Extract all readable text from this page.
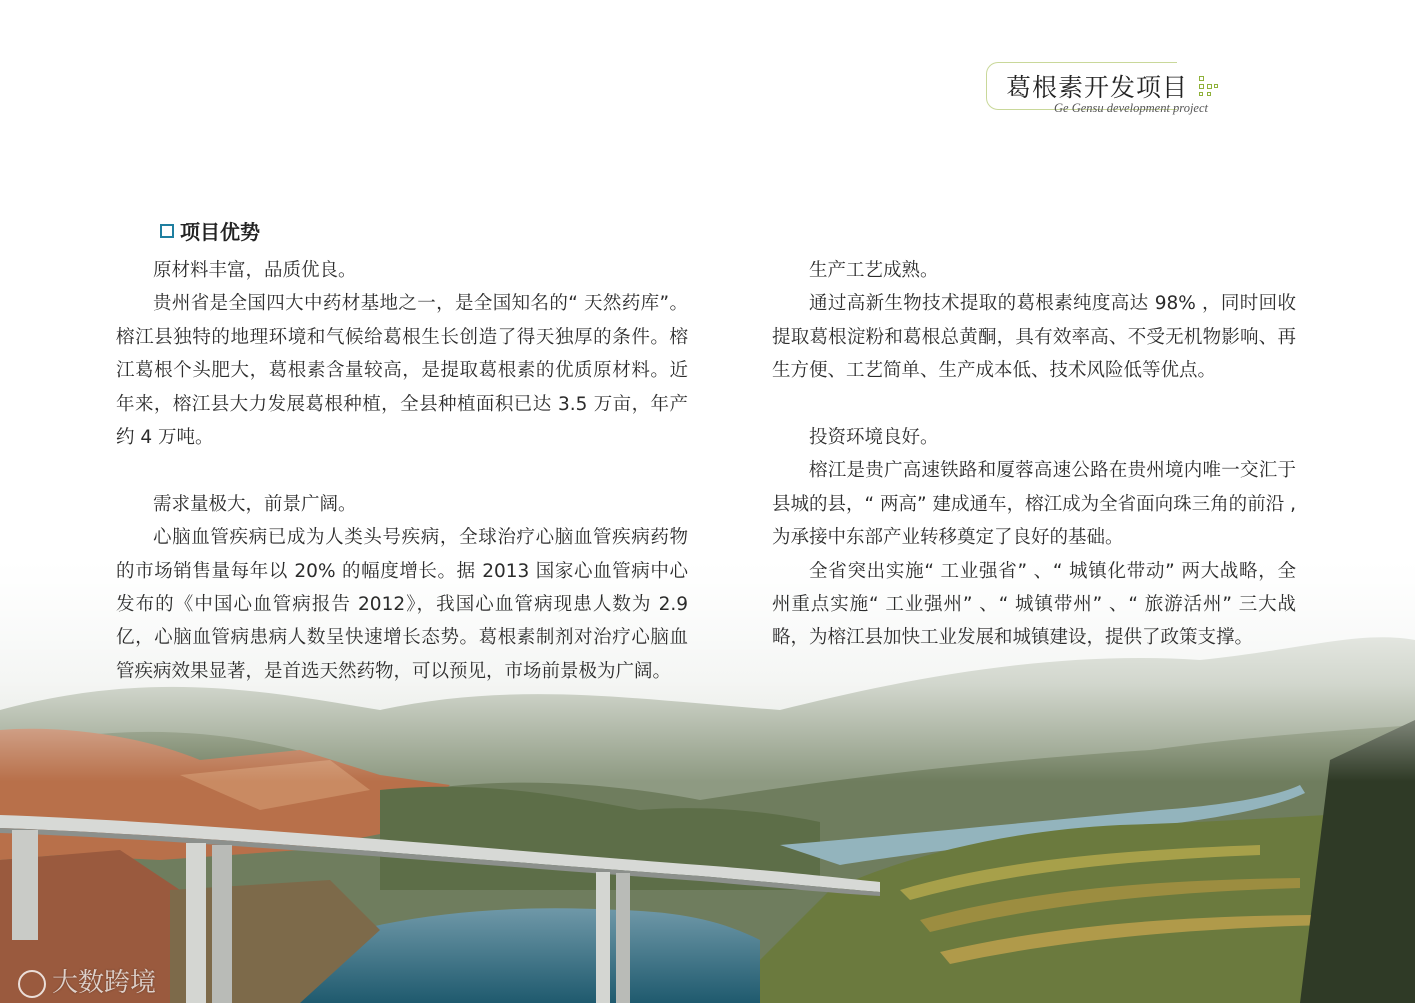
大数跨境
葛根素开发项目
Ge Gensu development project
项目优势

原材料丰富，品质优良。

贵州省是全国四大中药材基地之一，是全国知名的“ 天然药库”。榕江县独特的地理环境和气候给葛根生长创造了得天独厚的条件。榕江葛根个头肥大，葛根素含量较高，是提取葛根素的优质原材料。近年来，榕江县大力发展葛根种植，全县种植面积已达 3.5 万亩，年产约 4 万吨。

需求量极大，前景广阔。

心脑血管疾病已成为人类头号疾病，全球治疗心脑血管疾病药物的市场销售量每年以 20% 的幅度增长。据 2013 国家心血管病中心发布的《中国心血管病报告 2012》，我国心血管病现患人数为 2.9 亿，心脑血管病患病人数呈快速增长态势。葛根素制剂对治疗心脑血管疾病效果显著，是首选天然药物，可以预见，市场前景极为广阔。

生产工艺成熟。

通过高新生物技术提取的葛根素纯度高达 98% ，同时回收提取葛根淀粉和葛根总黄酮，具有效率高、不受无机物影响、再生方便、工艺简单、生产成本低、技术风险低等优点。

投资环境良好。

榕江是贵广高速铁路和厦蓉高速公路在贵州境内唯一交汇于县城的县，“ 两高” 建成通车，榕江成为全省面向珠三角的前沿 ,为承接中东部产业转移奠定了良好的基础。

全省突出实施“ 工业强省” 、“ 城镇化带动” 两大战略，全州重点实施“ 工业强州” 、“ 城镇带州” 、“ 旅游活州” 三大战略，为榕江县加快工业发展和城镇建设，提供了政策支撑。
